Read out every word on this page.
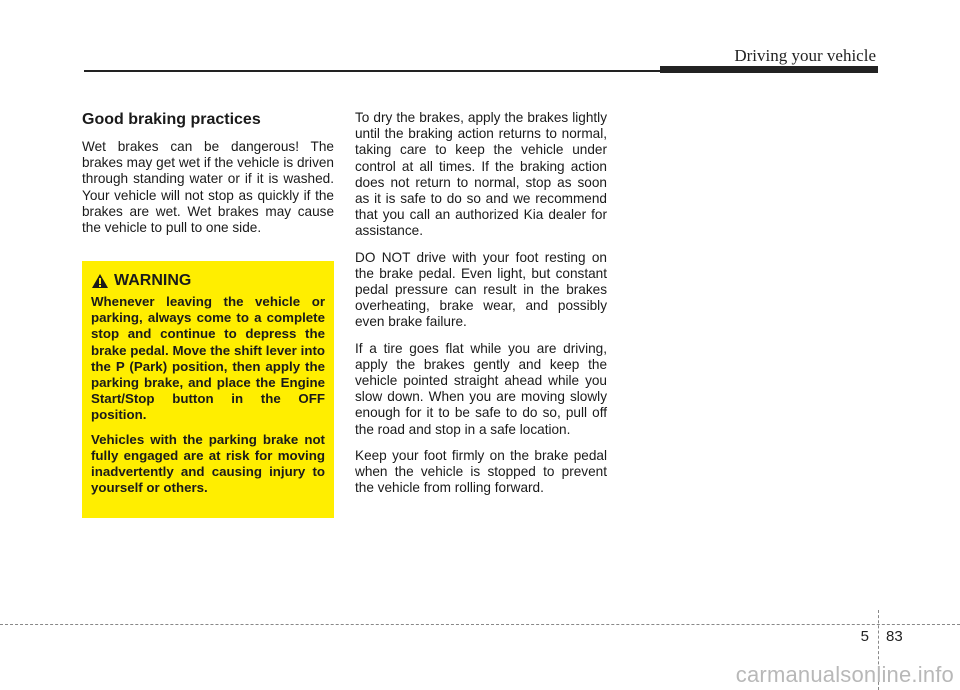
Driving your vehicle
Good braking practices

Wet brakes can be dangerous! The brakes may get wet if the vehicle is driven through standing water or if it is washed. Your vehicle will not stop as quickly if the brakes are wet. Wet brakes may cause the vehicle to pull to one side.

WARNING

Whenever leaving the vehicle or parking, always come to a complete stop and continue to depress the brake pedal. Move the shift lever into the P (Park) position, then apply the parking brake, and place the Engine Start/Stop button in the OFF position.

Vehicles with the parking brake not fully engaged are at risk for moving inadvertently and causing injury to yourself or others.

To dry the brakes, apply the brakes lightly until the braking action returns to normal, taking care to keep the vehicle under control at all times. If the braking action does not return to normal, stop as soon as it is safe to do so and we recommend that you call an authorized Kia dealer for assistance.

DO NOT drive with your foot resting on the brake pedal. Even light, but constant pedal pressure can result in the brakes overheating, brake wear, and possibly even brake failure.

If a tire goes flat while you are driving, apply the brakes gently and keep the vehicle pointed straight ahead while you slow down. When you are moving slowly enough for it to be safe to do so, pull off the road and stop in a safe location.

Keep your foot firmly on the brake pedal when the vehicle is stopped to prevent the vehicle from rolling forward.

5 83
carmanualsonline.info
